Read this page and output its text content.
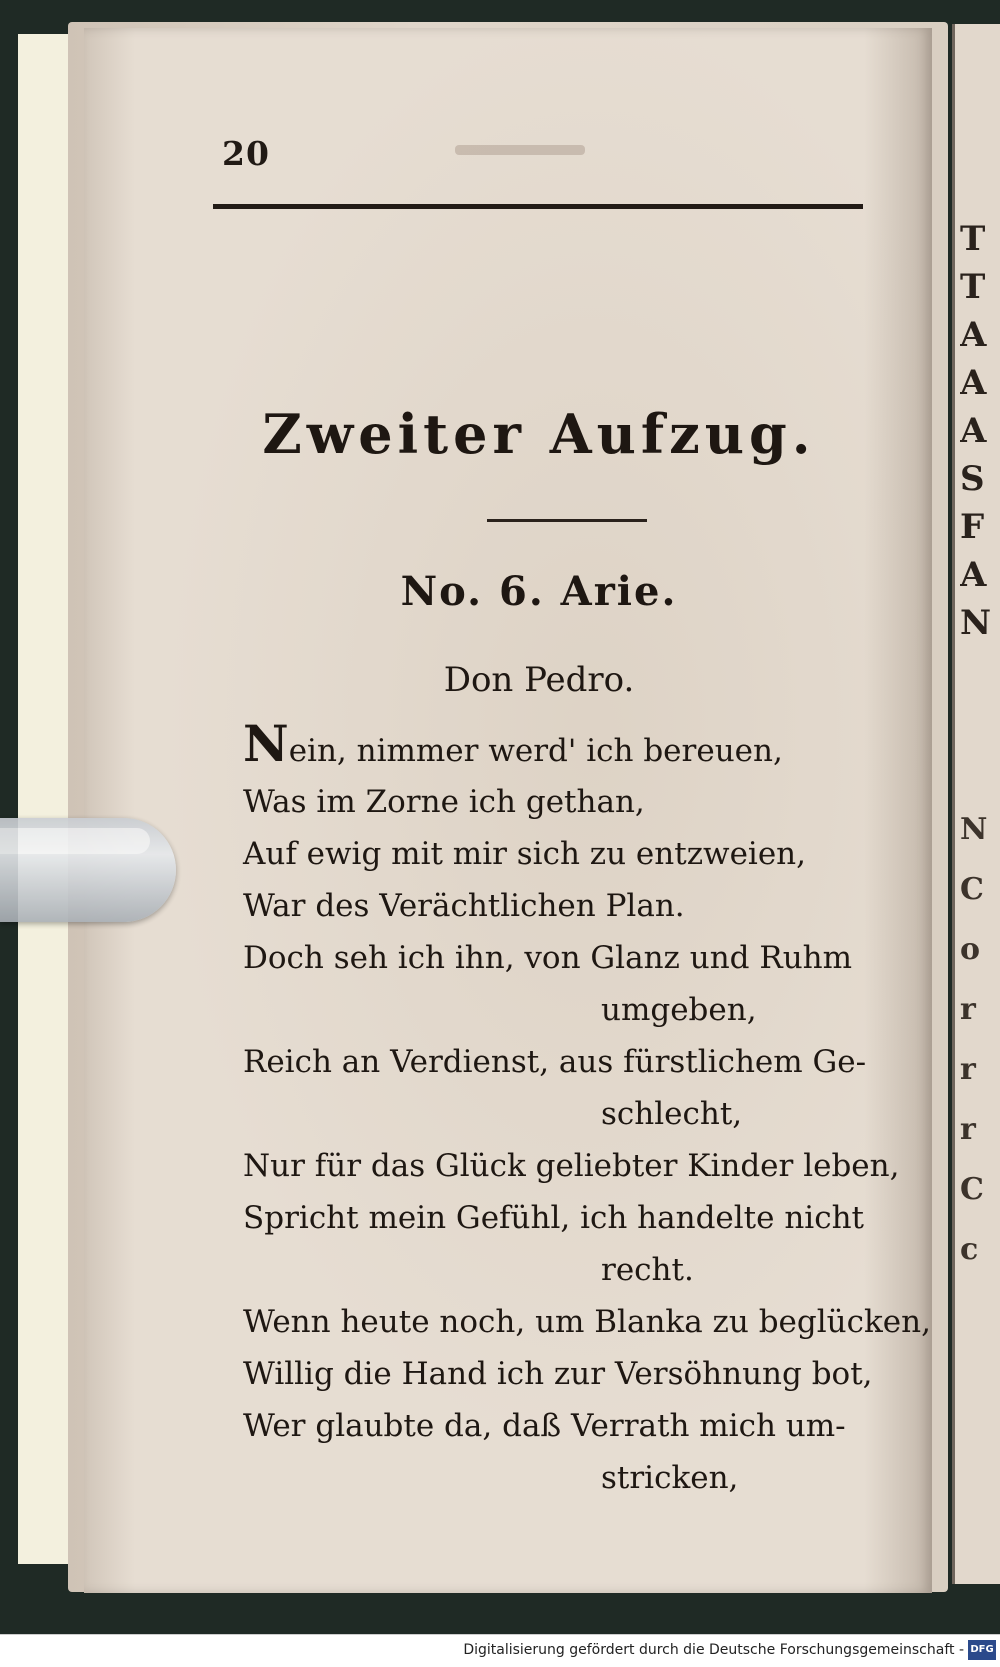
T
T
A
A
A
S
F
A
N
N
C
o
r
r
r
C
c
20
Zweiter Aufzug.
No. 6. Arie.
Don Pedro.
Nein, nimmer werd' ich bereuen,
Was im Zorne ich gethan,
Auf ewig mit mir sich zu entzweien,
War des Verächtlichen Plan.
Doch seh ich ihn, von Glanz und Ruhm
umgeben,
Reich an Verdienst, aus fürstlichem Ge-
schlecht,
Nur für das Glück geliebter Kinder leben,
Spricht mein Gefühl, ich handelte nicht
recht.
Wenn heute noch, um Blanka zu beglücken,
Willig die Hand ich zur Versöhnung bot,
Wer glaubte da, daß Verrath mich um-
stricken,
Digitalisierung gefördert durch die Deutsche Forschungsgemeinschaft - DFG
